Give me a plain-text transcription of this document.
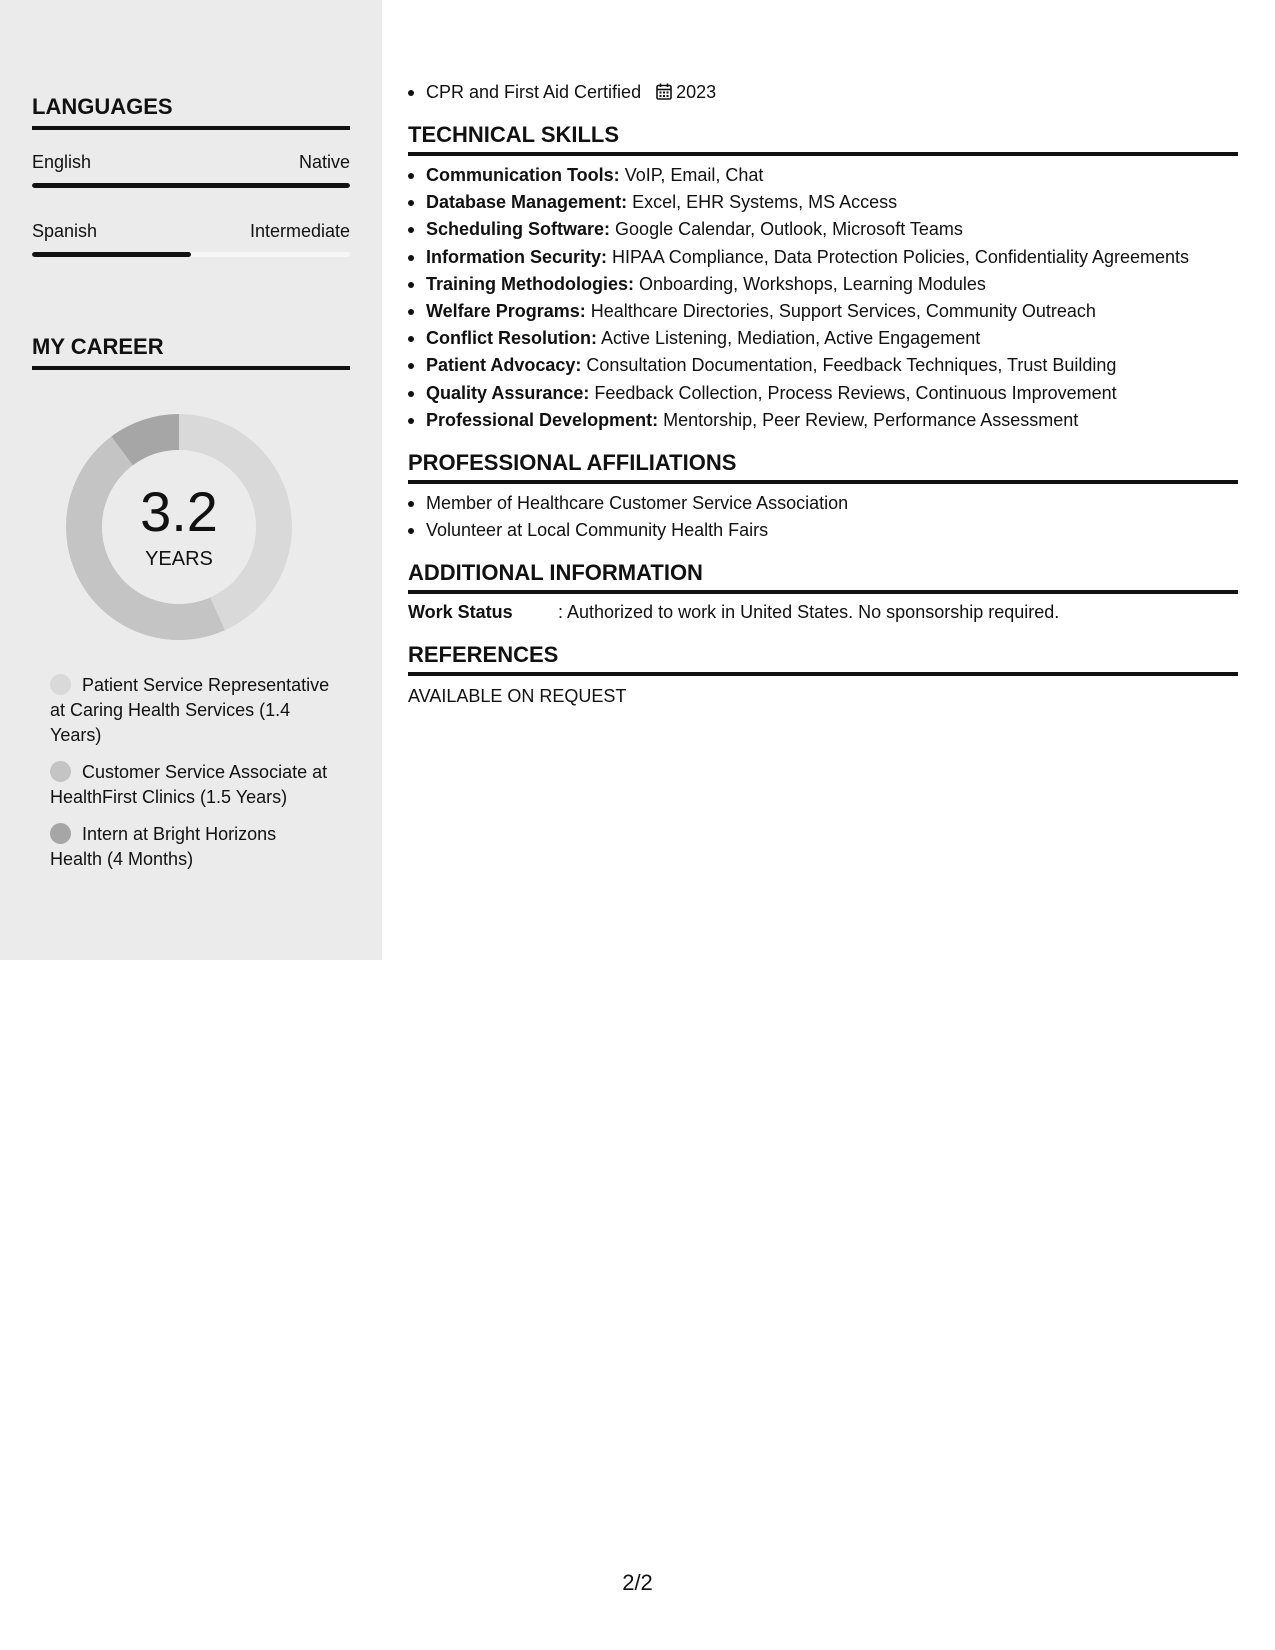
LANGUAGES
English	Native
Spanish	Intermediate
MY CAREER
3.2
YEARS
Patient Service Representative at Caring Health Services (1.4 Years)
Customer Service Associate at HealthFirst Clinics (1.5 Years)
Intern at Bright Horizons Health (4 Months)
CPR and First Aid Certified 2023
TECHNICAL SKILLS
Communication Tools: VoIP, Email, Chat
Database Management: Excel, EHR Systems, MS Access
Scheduling Software: Google Calendar, Outlook, Microsoft Teams
Information Security: HIPAA Compliance, Data Protection Policies, Confidentiality Agreements
Training Methodologies: Onboarding, Workshops, Learning Modules
Welfare Programs: Healthcare Directories, Support Services, Community Outreach
Conflict Resolution: Active Listening, Mediation, Active Engagement
Patient Advocacy: Consultation Documentation, Feedback Techniques, Trust Building
Quality Assurance: Feedback Collection, Process Reviews, Continuous Improvement
Professional Development: Mentorship, Peer Review, Performance Assessment
PROFESSIONAL AFFILIATIONS
Member of Healthcare Customer Service Association
Volunteer at Local Community Health Fairs
ADDITIONAL INFORMATION
Work Status	: Authorized to work in United States. No sponsorship required.
REFERENCES
AVAILABLE ON REQUEST
2/2
